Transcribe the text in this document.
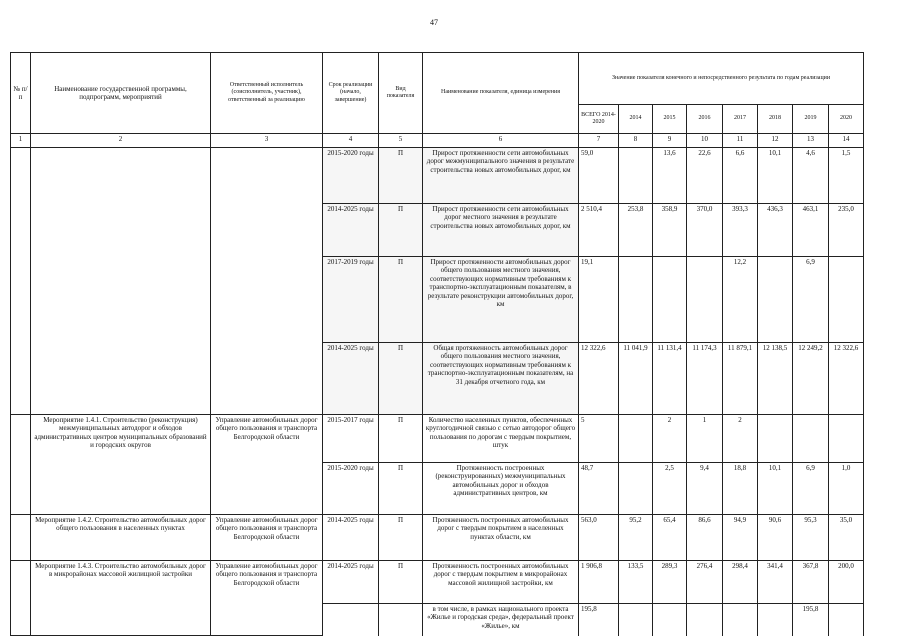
47
№ п/п	Наименование государственной программы, подпрограмм, мероприятий	Ответственный исполнитель (соисполнитель, участник), ответственный за реализацию	Срок реализации (начало, завершение)	Вид показателя	Наименование показателя, единица измерения	Значение показателя конечного и непосредственного результата по годам реализации							
						ВСЕГО 2014-2020	2014	2015	2016	2017	2018	2019	2020
1	2	3	4	5	6	7	8	9	10	11	12	13	14
			2015-2020 годы	П	Прирост протяженности сети автомобильных дорог межмуниципального значения в результате строительства новых автомобильных дорог, км	59,0		13,6	22,6	6,6	10,1	4,6	1,5
			2014-2025 годы	П	Прирост протяженности сети автомобильных дорог местного значения в результате строительства новых автомобильных дорог, км	2 510,4	253,8	358,9	370,0	393,3	436,3	463,1	235,0
			2017-2019 годы	П	Прирост протяженности автомобильных дорог общего пользования местного значения, соответствующих нормативным требованиям к транспортно-эксплуатационным показателям, в результате реконструкции автомобильных дорог, км	19,1				12,2		6,9	
			2014-2025 годы	П	Общая протяженность автомобильных дорог общего пользования местного значения, соответствующих нормативным требованиям к транспортно-эксплуатационным показателям, на 31 декабря отчетного года, км	12 322,6	11 041,9	11 131,4	11 174,3	11 879,1	12 138,5	12 249,2	12 322,6
	Мероприятие 1.4.1. Строительство (реконструкция) межмуниципальных автодорог и обходов административных центров муниципальных образований и городских округов	Управление автомобильных дорог общего пользования и транспорта Белгородской области	2015-2017 годы	П	Количество населенных пунктов, обеспеченных круглогодичной связью с сетью автодорог общего пользования по дорогам с твердым покрытием, штук	5		2	1	2			
			2015-2020 годы	П	Протяженность построенных (реконструированных) межмуниципальных автомобильных дорог и обходов административных центров, км	48,7		2,5	9,4	18,8	10,1	6,9	1,0
	Мероприятие 1.4.2. Строительство автомобильных дорог общего пользования в населенных пунктах	Управление автомобильных дорог общего пользования и транспорта Белгородской области	2014-2025 годы	П	Протяженность построенных автомобильных дорог с твердым покрытием в населенных пунктах области, км	563,0	95,2	65,4	86,6	94,9	90,6	95,3	35,0
	Мероприятие 1.4.3. Строительство автомобильных дорог в микрорайонах массовой жилищной застройки	Управление автомобильных дорог общего пользования и транспорта Белгородской области	2014-2025 годы	П	Протяженность построенных автомобильных дорог с твердым покрытием в микрорайонах массовой жилищной застройки, км	1 906,8	133,5	289,3	276,4	298,4	341,4	367,8	200,0
					в том числе, в рамках национального проекта «Жилье и городская среда», федеральный проект «Жилье», км	195,8						195,8	
